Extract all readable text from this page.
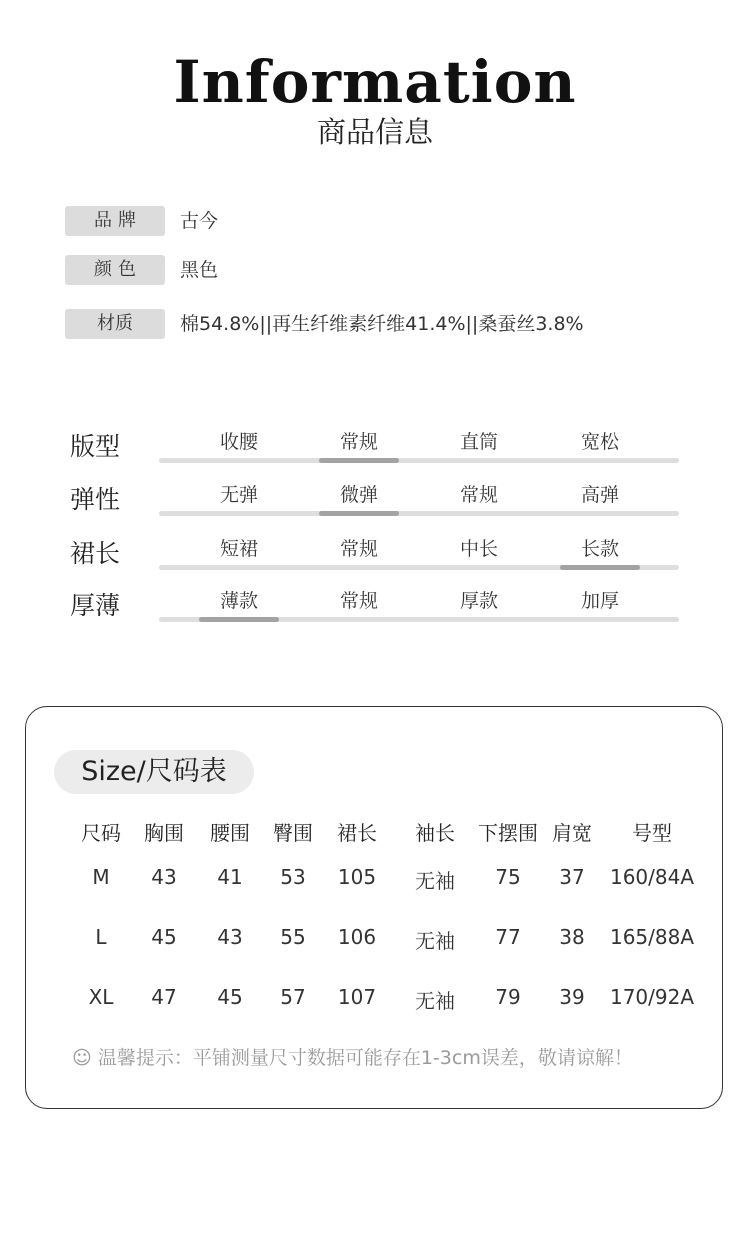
Information
商品信息
品牌	古今
颜色	黑色
材质	棉54.8%||再生纤维素纤维41.4%||桑蚕丝3.8%
版型	收腰	常规	直筒	宽松
弹性	无弹	微弹	常规	高弹
裙长	短裙	常规	中长	长款
厚薄	薄款	常规	厚款	加厚
Size/尺码表
尺码	胸围	腰围	臀围	裙长	袖长	下摆围 肩宽	号型
M	43	41	53	105	无袖	75	37	160/84A
L	45	43	55	106	无袖	77	38	165/88A
XL	47	45	57	107	无袖	79	39	170/92A
☺ 温馨提示：平铺测量尺寸数据可能存在1-3cm误差，敬请谅解！
